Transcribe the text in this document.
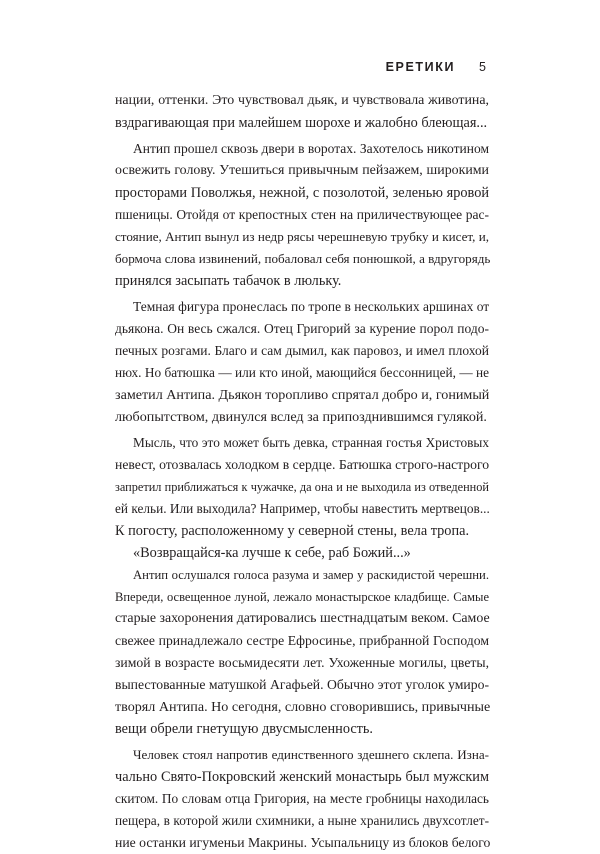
ЕРЕТИКИ 5
нации, оттенки. Это чувствовал дьяк, и чувствовала животина,
вздрагивающая при малейшем шорохе и жалобно блеющая...
Антип прошел сквозь двери в воротах. Захотелось никотином
освежить голову. Утешиться привычным пейзажем, широкими
просторами Поволжья, нежной, с позолотой, зеленью яровой
пшеницы. Отойдя от крепостных стен на приличествующее рас-
стояние, Антип вынул из недр рясы черешневую трубку и кисет, и,
бормоча слова извинений, побаловал себя понюшкой, а вдругорядь
принялся засыпать табачок в люльку.
Темная фигура пронеслась по тропе в нескольких аршинах от
дьякона. Он весь сжался. Отец Григорий за курение порол подо-
печных розгами. Благо и сам дымил, как паровоз, и имел плохой
нюх. Но батюшка — или кто иной, мающийся бессонницей, — не
заметил Антипа. Дьякон торопливо спрятал добро и, гонимый
любопытством, двинулся вслед за припозднившимся гулякой.
Мысль, что это может быть девка, странная гостья Христовых
невест, отозвалась холодком в сердце. Батюшка строго-настрого
запретил приближаться к чужачке, да она и не выходила из отведенной
ей кельи. Или выходила? Например, чтобы навестить мертвецов...
К погосту, расположенному у северной стены, вела тропа.
«Возвращайся-ка лучше к себе, раб Божий...»
Антип ослушался голоса разума и замер у раскидистой черешни.
Впереди, освещенное луной, лежало монастырское кладбище. Самые
старые захоронения датировались шестнадцатым веком. Самое
свежее принадлежало сестре Ефросинье, прибранной Господом
зимой в возрасте восьмидесяти лет. Ухоженные могилы, цветы,
выпестованные матушкой Агафьей. Обычно этот уголок умиро-
творял Антипа. Но сегодня, словно сговорившись, привычные
вещи обрели гнетущую двусмысленность.
Человек стоял напротив единственного здешнего склепа. Изна-
чально Свято-Покровский женский монастырь был мужским
скитом. По словам отца Григория, на месте гробницы находилась
пещера, в которой жили схимники, а ныне хранились двухсотлет-
ние останки игуменьи Макрины. Усыпальницу из блоков белого
